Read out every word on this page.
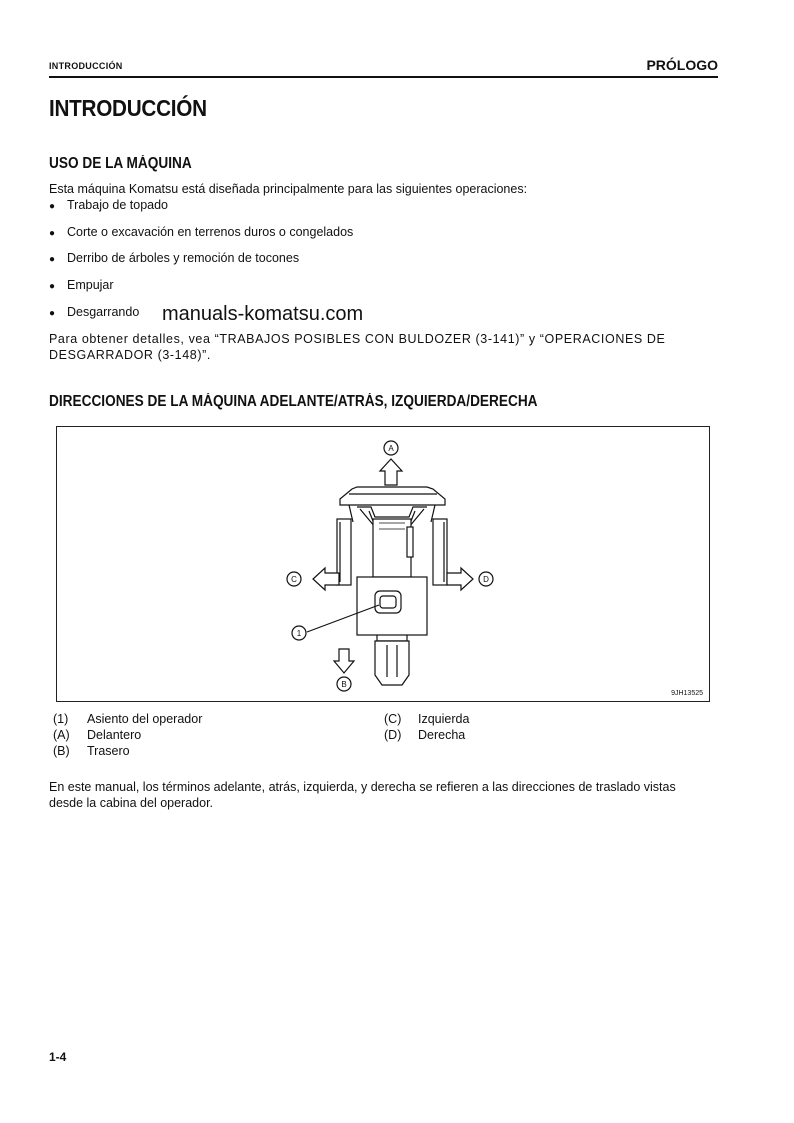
INTRODUCCIÓN	PRÓLOGO
INTRODUCCIÓN
USO DE LA MÁQUINA
Esta máquina Komatsu está diseñada principalmente para las siguientes operaciones:
● Trabajo de topado
● Corte o excavación en terrenos duros o congelados
● Derribo de árboles y remoción de tocones
● Empujar
● Desgarrando manuals-komatsu.com
Para obtener detalles, vea “TRABAJOS POSIBLES CON BULDOZER (3-141)” y “OPERACIONES DE
DESGARRADOR (3-148)”.
DIRECCIONES DE LA MÁQUINA ADELANTE/ATRÁS, IZQUIERDA/DERECHA
A
B
C	D
1
9JH13525
(1) Asiento del operador
(A) Delantero
(B) Trasero
(C) Izquierda
(D) Derecha
En este manual, los términos adelante, atrás, izquierda, y derecha se refieren a las direcciones de traslado vistas
desde la cabina del operador.
1-4
